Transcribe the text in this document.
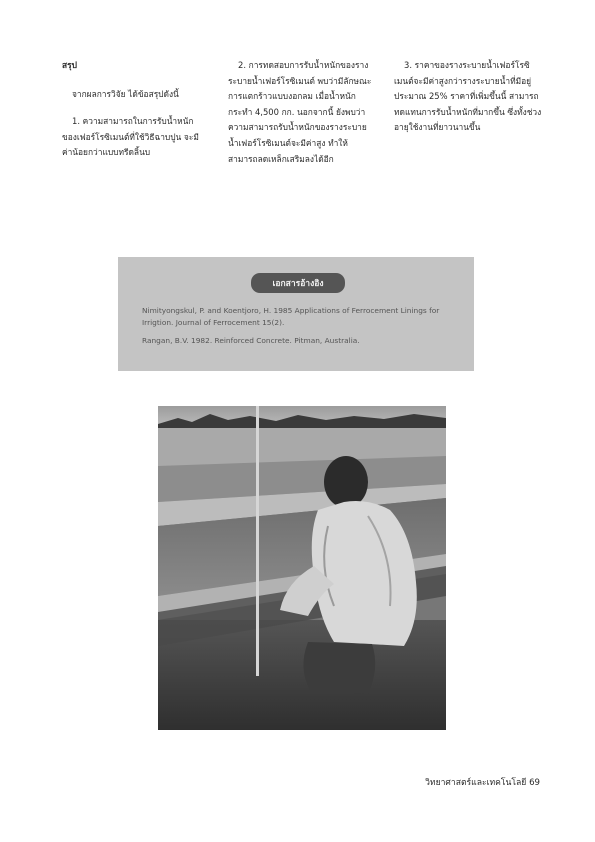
สรุป

จากผลการวิจัย ได้ข้อสรุปดังนี้

1. ความสามารถในการรับน้ำหนักของเฟอร์โรซิเมนต์ที่ใช้วิธีฉาบปูน จะมีค่าน้อยกว่าแบบทรีดลิ้นบ

2. การทดสอบการรับน้ำหนักของรางระบายน้ำเฟอร์โรซิเมนต์ พบว่ามีลักษณะการแตกร้าวแบบงอกลม เมื่อน้ำหนักกระทำ 4,500 กก. นอกจากนี้ ยังพบว่า ความสามารถรับน้ำหนักของรางระบายน้ำเฟอร์โรซิเมนต์จะมีค่าสูง ทำให้สามารถลดเหล็กเสริมลงได้อีก

3. ราคาของรางระบายน้ำเฟอร์โรซิเมนต์จะมีค่าสูงกว่ารางระบายน้ำที่มีอยู่ ประมาณ 25% ราคาที่เพิ่มขึ้นนี้ สามารถทดแทนการรับน้ำหนักที่มากขึ้น ซึ่งทั้งช่วงอายุใช้งานที่ยาวนานขึ้น

เอกสารอ้างอิง
Nimityongskul, P. and Koentjoro, H. 1985 Applications of Ferrocement Linings for Irrigtion. Journal of Ferrocement 15(2).
Rangan, B.V. 1982. Reinforced Concrete. Pitman, Australia.
วิทยาศาสตร์และเทคโนโลยี 69
